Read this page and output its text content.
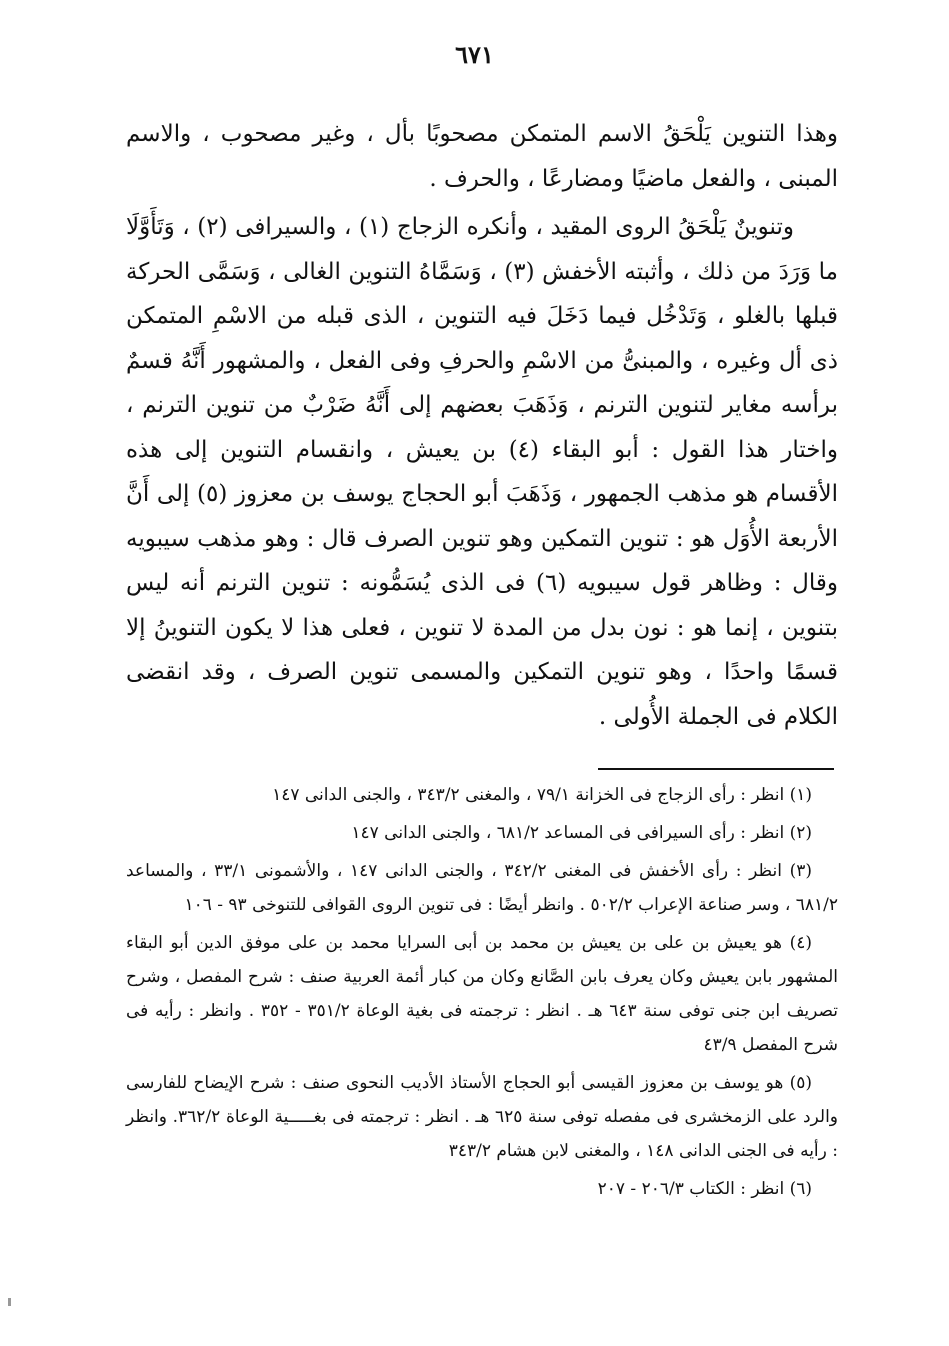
٦٧١

وهذا التنوين يَلْحَقُ الاسم المتمكن مصحوبًا بأل ، وغير مصحوب ، والاسم المبنى ، والفعل ماضيًا ومضارعًا ، والحرف .

وتنوينٌ يَلْحَقُ الروى المقيد ، وأنكره الزجاج (١) ، والسيرافى (٢) ، وَتَأَوَّلَا ما وَرَدَ من ذلك ، وأثبته الأخفش (٣) ، وَسَمَّاهُ التنوين الغالى ، وَسَمَّى الحركة قبلها بالغلو ، وَتَدْخُل فيما دَخَلَ فيه التنوين ، الذى قبله من الاسْمِ المتمكن ذى أل وغيره ، والمبنىُّ من الاسْمِ والحرفِ وفى الفعل ، والمشهور أَنَّهُ قسمٌ برأسه مغاير لتنوين الترنم ، وَذَهَبَ بعضهم إلى أَنَّهُ ضَرْبٌ من تنوين الترنم ، واختار هذا القول : أبو البقاء (٤) بن يعيش ، وانقسام التنوين إلى هذه الأقسام هو مذهب الجمهور ، وَذَهَبَ أبو الحجاج يوسف بن معزوز (٥) إلى أَنَّ الأربعة الأُوَل هو : تنوين التمكين وهو تنوين الصرف قال : وهو مذهب سيبويه وقال : وظاهر قول سيبويه (٦) فى الذى يُسَمُّونه : تنوين الترنم أنه ليس بتنوين ، إنما هو : نون بدل من المدة لا تنوين ، فعلى هذا لا يكون التنوينُ إلا قسمًا واحدًا ، وهو تنوين التمكين والمسمى تنوين الصرف ، وقد انقضى الكلام فى الجملة الأُولى .

(١) انظر : رأى الزجاج فى الخزانة ٧٩/١ ، والمغنى ٣٤٣/٢ ، والجنى الدانى ١٤٧

(٢) انظر : رأى السيرافى فى المساعد ٦٨١/٢ ، والجنى الدانى ١٤٧

(٣) انظر : رأى الأخفش فى المغنى ٣٤٢/٢ ، والجنى الدانى ١٤٧ ، والأشمونى ٣٣/١ ، والمساعد ٦٨١/٢ ، وسر صناعة الإعراب ٥٠٢/٢ . وانظر أيضًا : فى تنوين الروى القوافى للتنوخى ٩٣ - ١٠٦

(٤) هو يعيش بن على بن يعيش بن محمد بن أبى السرايا محمد بن على موفق الدين أبو البقاء المشهور بابن يعيش وكان يعرف بابن الصَّانع وكان من كبار أئمة العربية صنف : شرح المفصل ، وشرح تصريف ابن جنى توفى سنة ٦٤٣ هـ . انظر : ترجمته فى بغية الوعاة ٣٥١/٢ - ٣٥٢ . وانظر : رأيه فى شرح المفصل ٤٣/٩

(٥) هو يوسف بن معزوز القيسى أبو الحجاج الأستاذ الأديب النحوى صنف : شرح الإيضاح للفارسى والرد على الزمخشرى فى مفصله توفى سنة ٦٢٥ هـ . انظر : ترجمته فى بغـــــية الوعاة ٣٦٢/٢. وانظر : رأيه فى الجنى الدانى ١٤٨ ، والمغنى لابن هشام ٣٤٣/٢

(٦) انظر : الكتاب ٢٠٦/٣ - ٢٠٧
